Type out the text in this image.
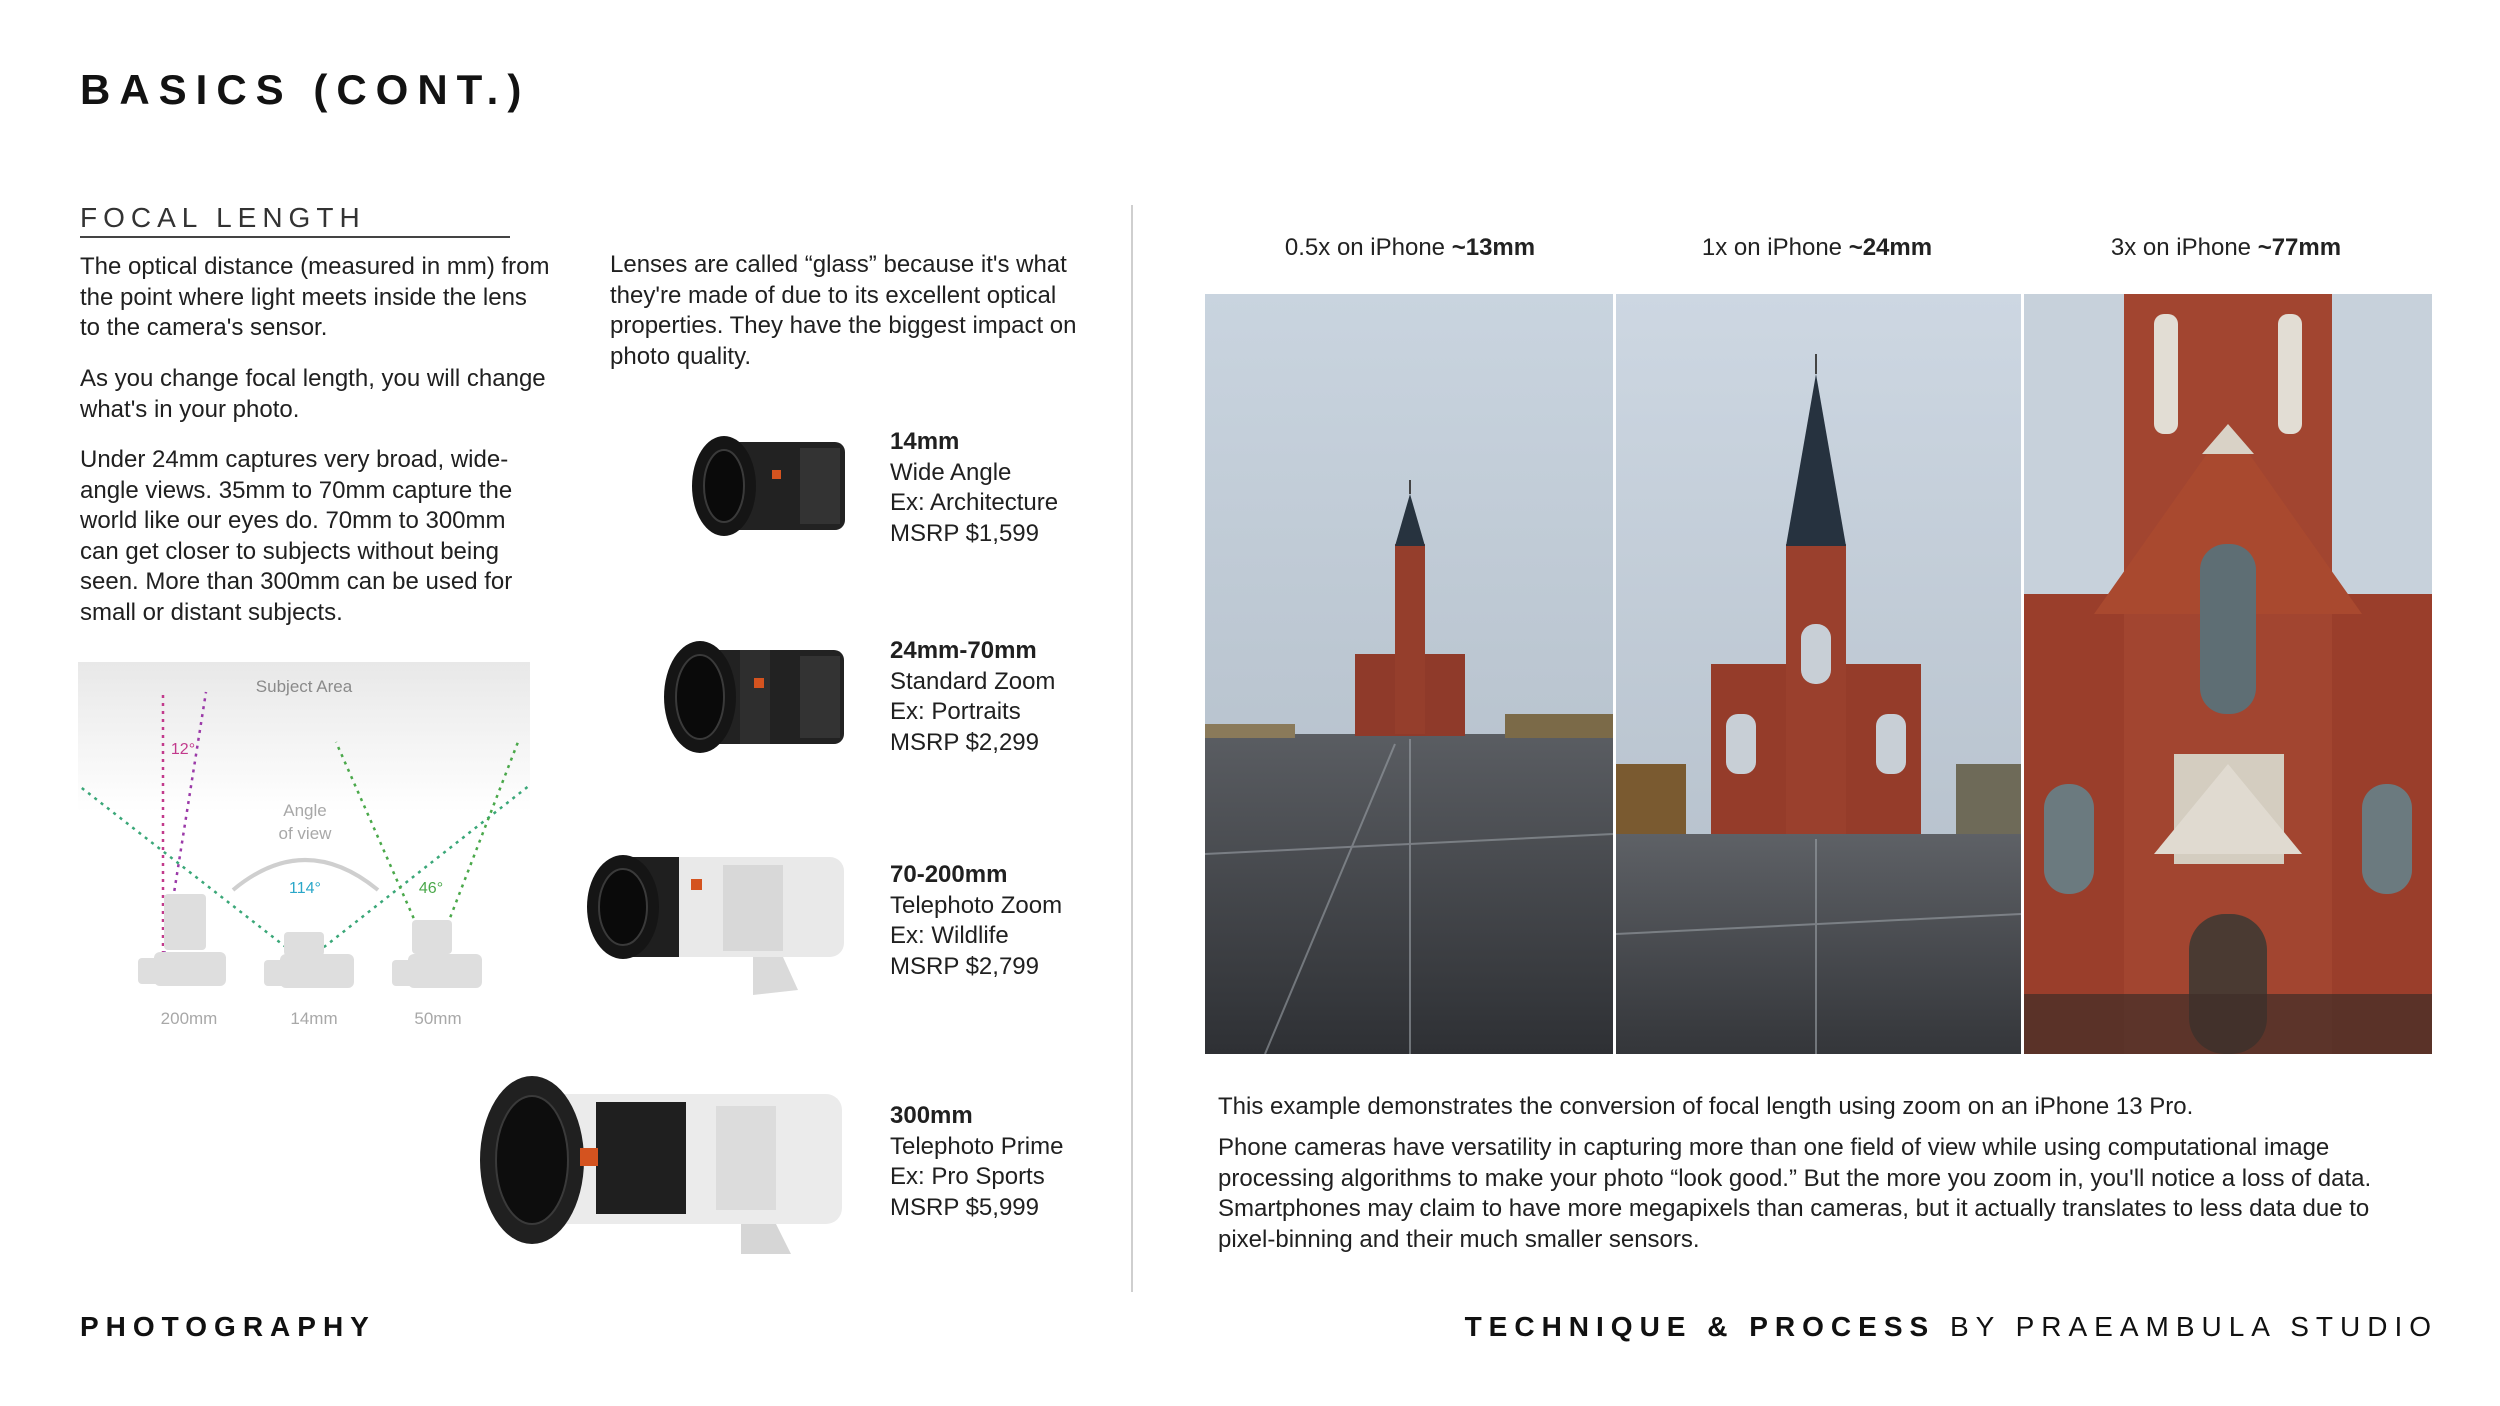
BASICS (CONT.)
FOCAL LENGTH
The optical distance (measured in mm) from the point where light meets inside the lens to the camera's sensor.
As you change focal length, you will change what's in your photo.
Under 24mm captures very broad, wide-angle views. 35mm to 70mm capture the world like our eyes do. 70mm to 300mm can get closer to subjects without being seen. More than 300mm can be used for small or distant subjects.
Subject Area
12°
46°
Angle
of view
114°
200mm	14mm	50mm
Lenses are called “glass” because it's what they're made of due to its excellent optical properties. They have the biggest impact on photo quality.
14mm
Wide Angle
Ex: Architecture
MSRP $1,599
24mm-70mm
Standard Zoom
Ex: Portraits
MSRP $2,299
70-200mm
Telephoto Zoom
Ex: Wildlife
MSRP $2,799
300mm
Telephoto Prime
Ex: Pro Sports
MSRP $5,999
0.5x on iPhone ~13mm	1x on iPhone ~24mm	3x on iPhone ~77mm
This example demonstrates the conversion of focal length using zoom on an iPhone 13 Pro.
Phone cameras have versatility in capturing more than one field of view while using computational image processing algorithms to make your photo “look good.” But the more you zoom in, you'll notice a loss of data. Smartphones may claim to have more megapixels than cameras, but it actually translates to less data due to pixel-binning and their much smaller sensors.
PHOTOGRAPHY	TECHNIQUE & PROCESS BY PRAEAMBULA STUDIO
